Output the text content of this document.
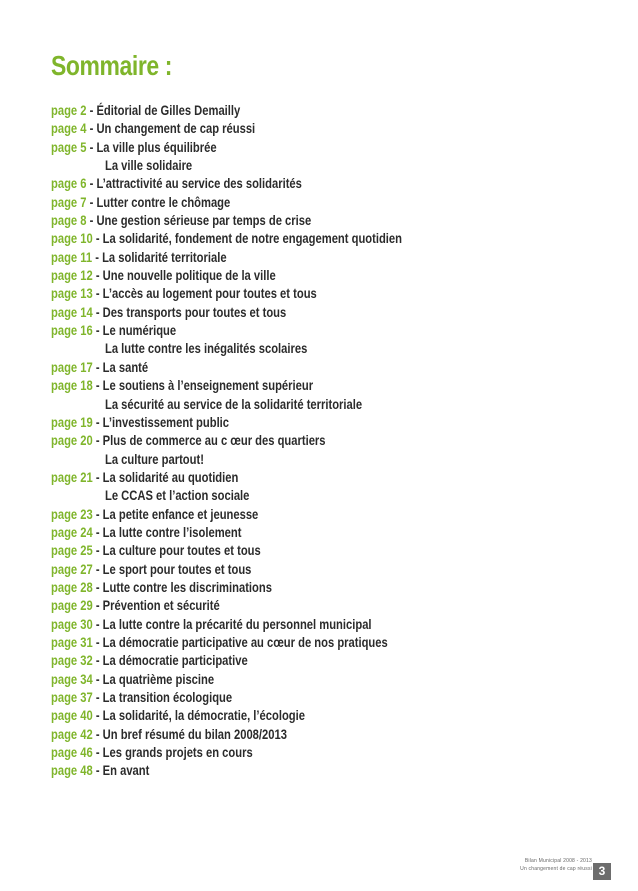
Sommaire :
page 2 - Éditorial de Gilles Demailly
page 4 - Un changement de cap réussi
page 5 - La ville plus équilibrée
La ville solidaire
page 6 - L’attractivité au service des solidarités
page 7 - Lutter contre le chômage
page 8 - Une gestion sérieuse par temps de crise
page 10 - La solidarité, fondement de notre engagement quotidien
page 11 - La solidarité territoriale
page 12 - Une nouvelle politique de la ville
page 13 - L’accès au logement pour toutes et tous
page 14 - Des transports pour toutes et tous
page 16 - Le numérique
La lutte contre les inégalités scolaires
page 17 - La santé
page 18 - Le soutiens à l’enseignement supérieur
La sécurité au service de la solidarité territoriale
page 19 - L’investissement public
page 20 - Plus de commerce au c œur des quartiers
La culture partout!
page 21 - La solidarité au quotidien
Le CCAS et l’action sociale
page 23 - La petite enfance et jeunesse
page 24 - La lutte contre l’isolement
page 25 - La culture pour toutes et tous
page 27 - Le sport pour toutes et tous
page 28 - Lutte contre les discriminations
page 29 - Prévention et sécurité
page 30 - La lutte contre la précarité du personnel municipal
page 31 - La démocratie participative au cœur de nos pratiques
page 32 - La démocratie participative
page 34 - La quatrième piscine
page 37 - La transition écologique
page 40 - La solidarité, la démocratie, l’écologie
page 42 - Un bref résumé du bilan 2008/2013
page 46 - Les grands projets en cours
page 48 - En avant
Bilan Municipal 2008 - 2013
Un changement de cap réussi 3
